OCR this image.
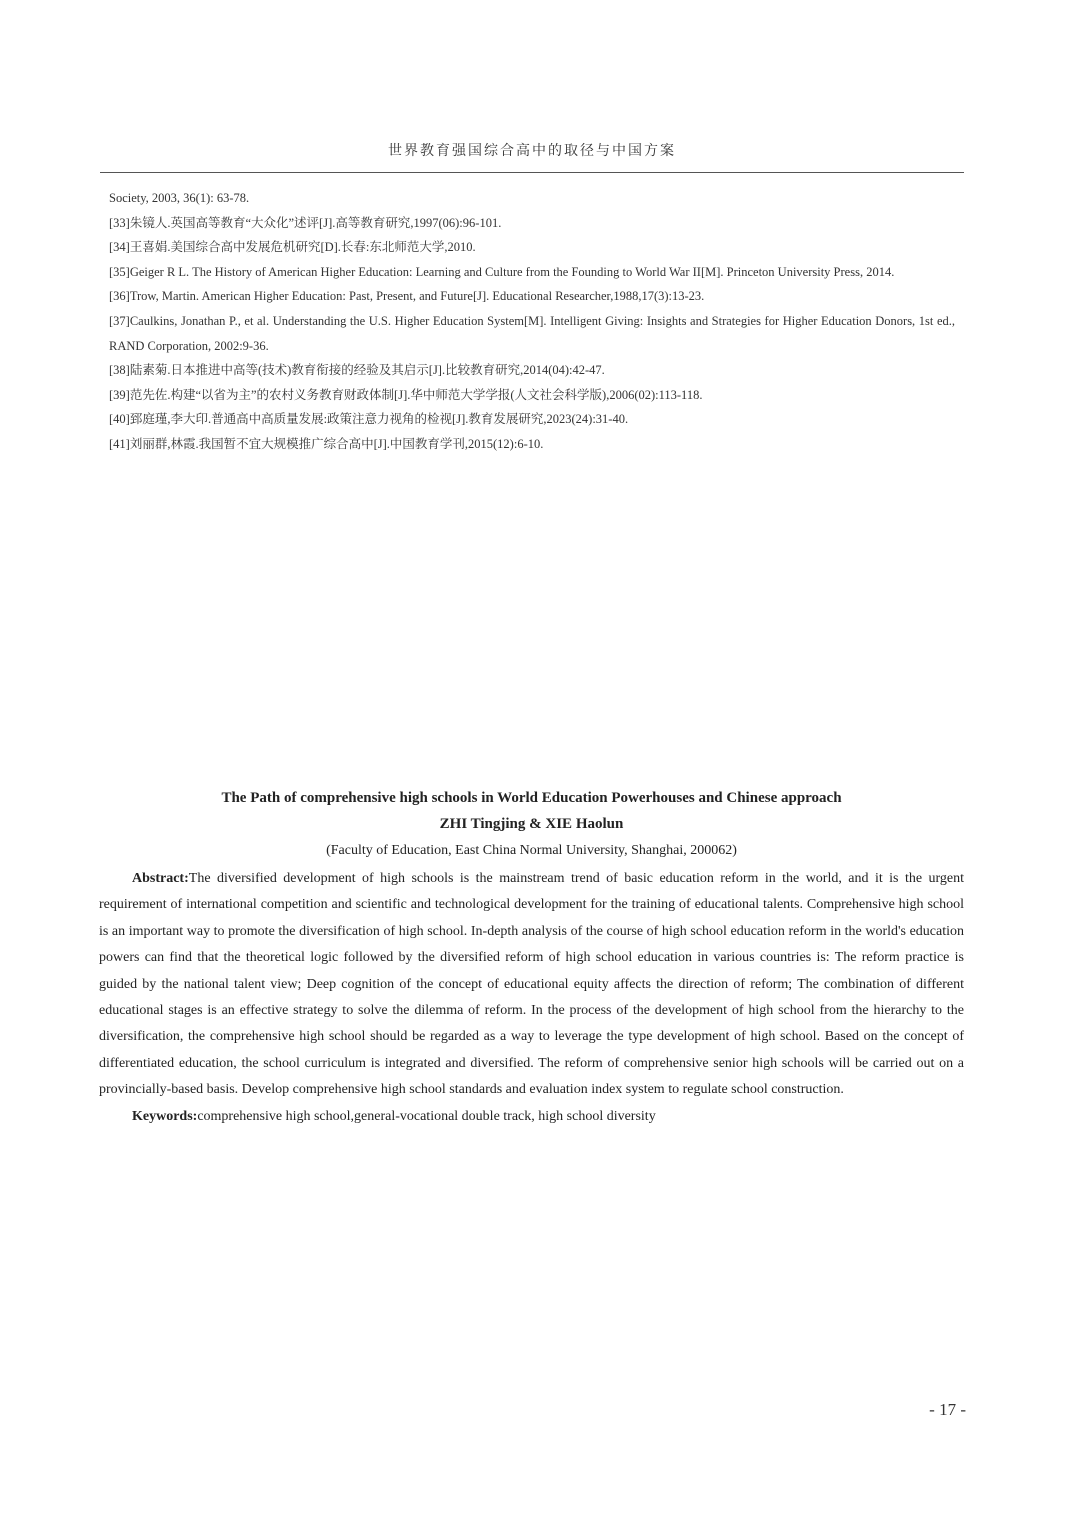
世界教育强国综合高中的取径与中国方案
Society, 2003, 36(1): 63-78.
[33]朱镜人.英国高等教育“大众化”述评[J].高等教育研究,1997(06):96-101.
[34]王喜娟.美国综合高中发展危机研究[D].长春:东北师范大学,2010.
[35]Geiger R L. The History of American Higher Education: Learning and Culture from the Founding to World War II[M]. Princeton University Press, 2014.
[36]Trow, Martin. American Higher Education: Past, Present, and Future[J]. Educational Researcher,1988,17(3):13-23.
[37]Caulkins, Jonathan P., et al. Understanding the U.S. Higher Education System[M]. Intelligent Giving: Insights and Strategies for Higher Education Donors, 1st ed., RAND Corporation, 2002:9-36.
[38]陆素菊.日本推进中高等(技术)教育衔接的经验及其启示[J].比较教育研究,2014(04):42-47.
[39]范先佐.构建“以省为主”的农村义务教育财政体制[J].华中师范大学学报(人文社会科学版),2006(02):113-118.
[40]郅庭瑾,李大印.普通高中高质量发展:政策注意力视角的检视[J].教育发展研究,2023(24):31-40.
[41]刘丽群,林霞.我国暂不宜大规模推广综合高中[J].中国教育学刊,2015(12):6-10.
The Path of comprehensive high schools in World Education Powerhouses and Chinese approach
ZHI Tingjing & XIE Haolun
(Faculty of Education, East China Normal University, Shanghai, 200062)

Abstract:The diversified development of high schools is the mainstream trend of basic education reform in the world, and it is the urgent requirement of international competition and scientific and technological development for the training of educational talents. Comprehensive high school is an important way to promote the diversification of high school. In-depth analysis of the course of high school education reform in the world's education powers can find that the theoretical logic followed by the diversified reform of high school education in various countries is: The reform practice is guided by the national talent view; Deep cognition of the concept of educational equity affects the direction of reform; The combination of different educational stages is an effective strategy to solve the dilemma of reform. In the process of the development of high school from the hierarchy to the diversification, the comprehensive high school should be regarded as a way to leverage the type development of high school. Based on the concept of differentiated education, the school curriculum is integrated and diversified. The reform of comprehensive senior high schools will be carried out on a provincially-based basis. Develop comprehensive high school standards and evaluation index system to regulate school construction.

Keywords:comprehensive high school,general-vocational double track, high school diversity

- 17 -
